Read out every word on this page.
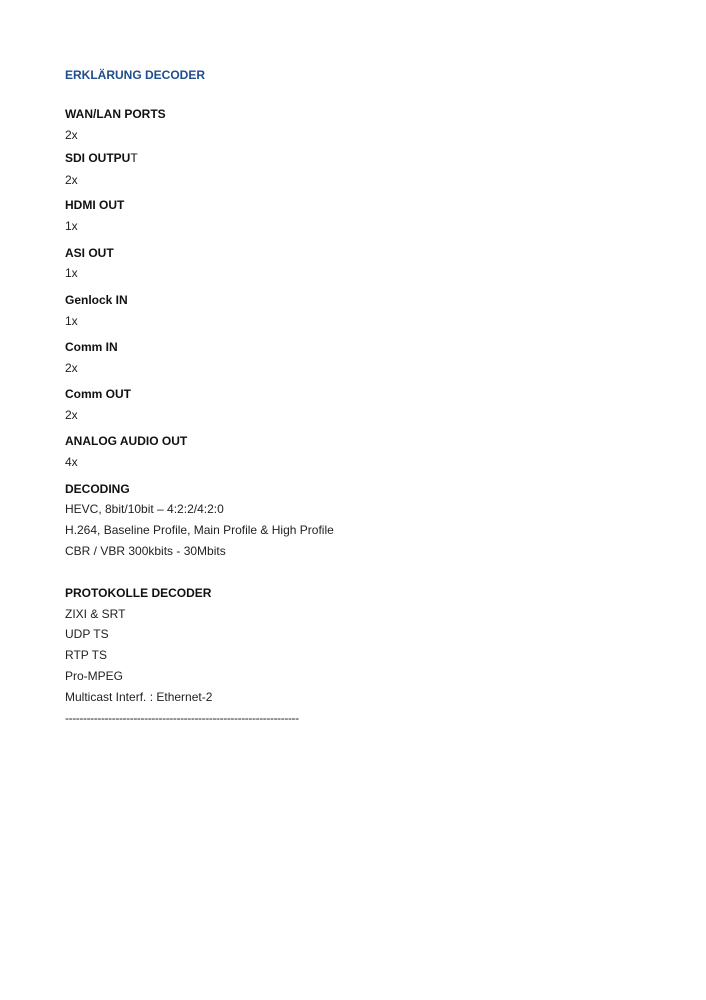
ERKLÄRUNG DECODER
WAN/LAN PORTS
2x
SDI OUTPUT
2x
HDMI OUT
1x
ASI OUT
1x
Genlock IN
1x
Comm IN
2x
Comm OUT
2x
ANALOG AUDIO OUT
4x
DECODING
HEVC, 8bit/10bit – 4:2:2/4:2:0
H.264, Baseline Profile, Main Profile & High Profile
CBR / VBR 300kbits - 30Mbits
PROTOKOLLE DECODER
ZIXI & SRT
UDP TS
RTP TS
Pro-MPEG
Multicast Interf. : Ethernet-2
-----------------------------------------------------------------
